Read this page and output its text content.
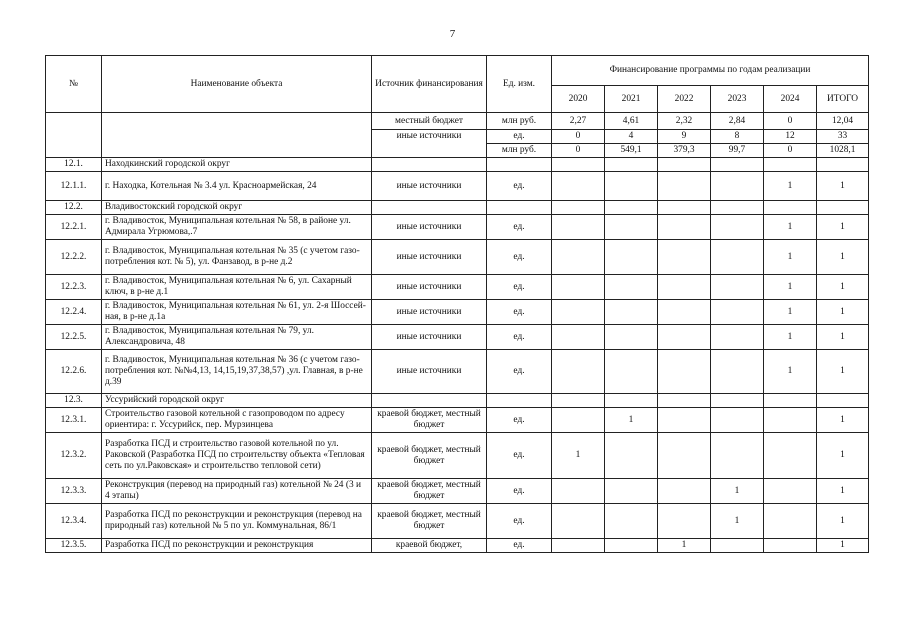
7
№	Наименование объекта	Источник финансирования	Ед. изм.	Финансирование программы по годам реализации					
				2020	2021	2022	2023	2024	ИТОГО
		местный бюджет	млн руб.	2,27	4,61	2,32	2,84	0	12,04
		иные источники	ед.	0	4	9	8	12	33
			млн руб.	0	549,1	379,3	99,7	0	1028,1
12.1.	Находкинский городской округ								
12.1.1.	г. Находка, Котельная № 3.4 ул. Красноармейская, 24	иные источники	ед.					1	1
12.2.	Владивостокский городской округ								
12.2.1.	г. Владивосток, Муниципальная котельная № 58, в районе ул. Адмирала Угрюмова,.7	иные источники	ед.					1	1
12.2.2.	г. Владивосток, Муниципальная котельная № 35 (с учетом газо-потребления кот. № 5), ул. Фанзавод, в р-не д.2	иные источники	ед.					1	1
12.2.3.	г. Владивосток, Муниципальная котельная № 6, ул. Сахарный ключ, в р-не д.1	иные источники	ед.					1	1
12.2.4.	г. Владивосток, Муниципальная котельная № 61, ул. 2-я Шоссей-ная, в р-не д.1а	иные источники	ед.					1	1
12.2.5.	г. Владивосток, Муниципальная котельная № 79, ул. Александровича, 48	иные источники	ед.					1	1
12.2.6.	г. Владивосток, Муниципальная котельная № 36 (с учетом газо-потребления кот. №№4,13, 14,15,19,37,38,57) ,ул. Главная, в р-не д.39	иные источники	ед.					1	1
12.3.	Уссурийский городской округ								
12.3.1.	Строительство газовой котельной с газопроводом по адресу ориентира: г. Уссурийск, пер. Мурзинцева	краевой бюджет, местный бюджет	ед.		1				1
12.3.2.	Разработка ПСД и строительство газовой котельной по ул. Раковской (Разработка ПСД по строительству объекта «Тепловая сеть по ул.Раковская» и строительство тепловой сети)	краевой бюджет, местный бюджет	ед.	1					1
12.3.3.	Реконструкция (перевод на природный газ) котельной № 24 (3 и 4 этапы)	краевой бюджет, местный бюджет	ед.				1		1
12.3.4.	Разработка ПСД по реконструкции и реконструкция (перевод на природный газ) котельной № 5 по ул. Коммунальная, 86/1	краевой бюджет, местный бюджет	ед.				1		1
12.3.5.	Разработка ПСД по реконструкции и реконструкция	краевой бюджет,	ед.			1			1
